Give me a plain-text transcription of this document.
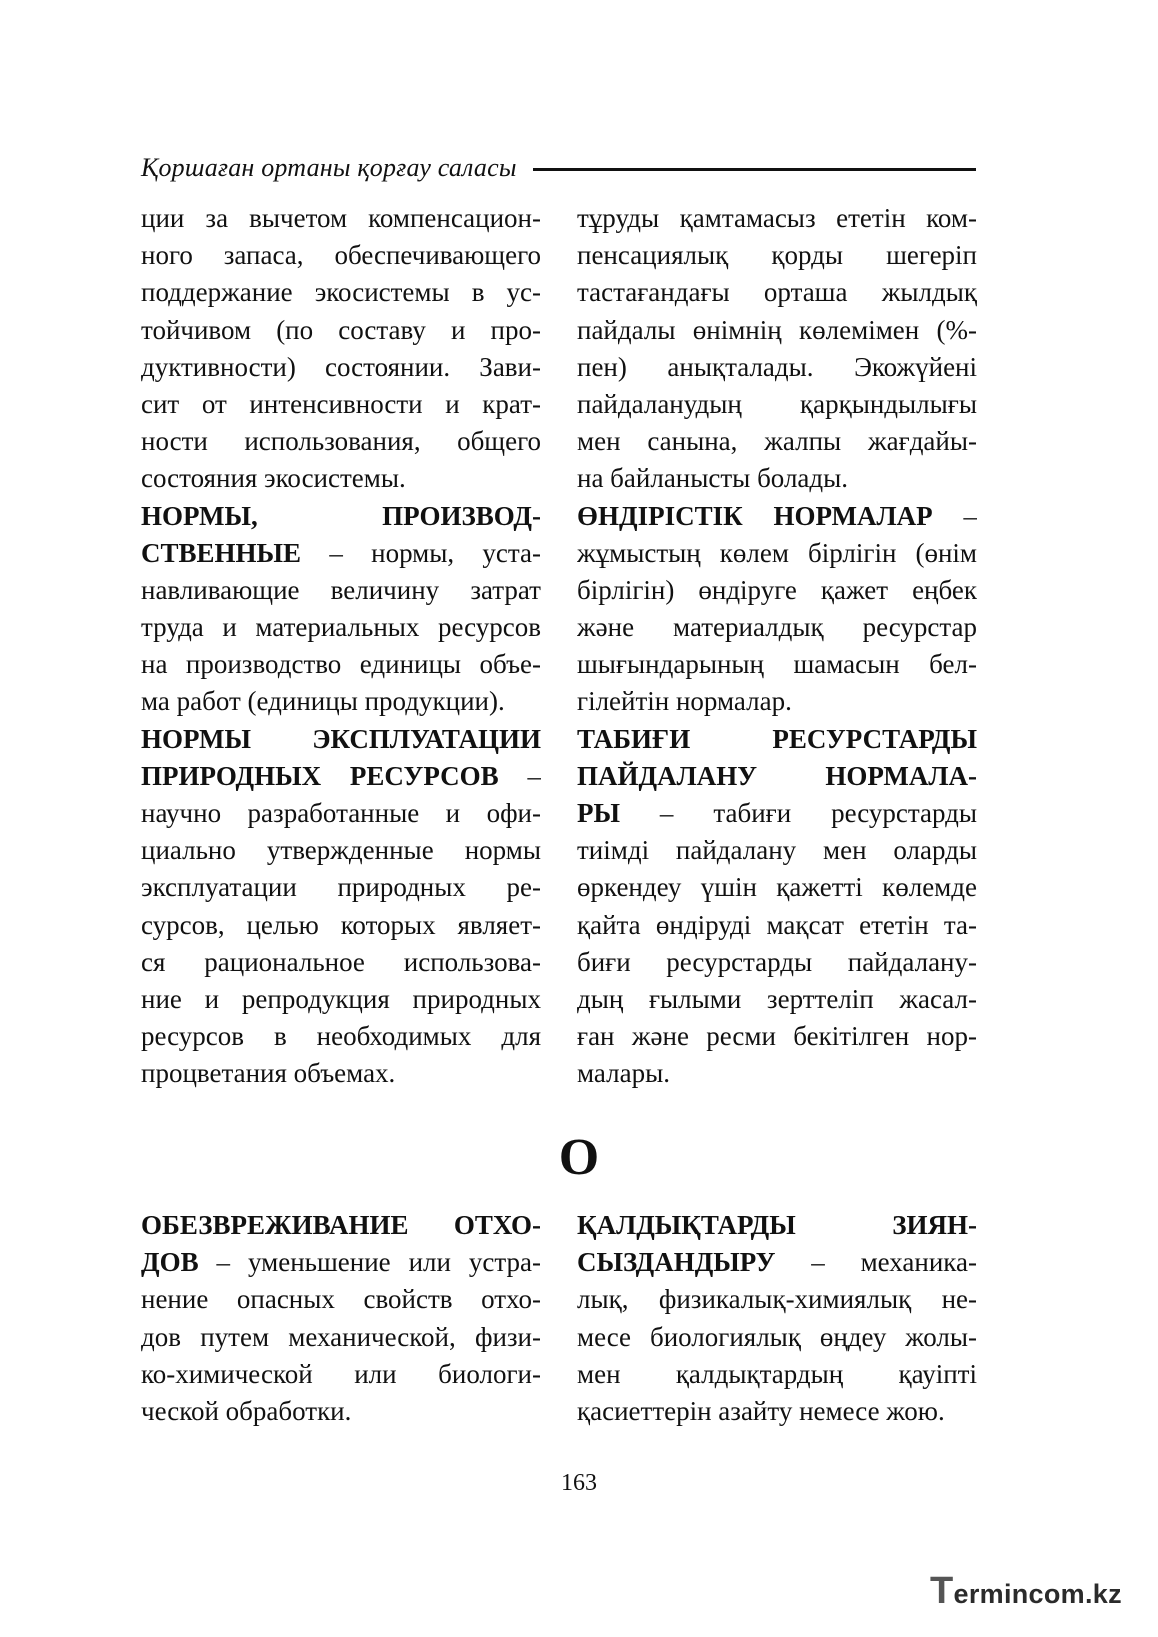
Қоршаған ортаны қорғау саласы
ции за вычетом компенсацион-
ного запаса, обеспечивающего
поддержание экосистемы в ус-
тойчивом (по составу и про-
дуктивности) состоянии. Зави-
сит от интенсивности и крат-
ности использования, общего
состояния экосистемы.
НОРМЫ, ПРОИЗВОД-
СТВЕННЫЕ – нормы, уста-
навливающие величину затрат
труда и материальных ресурсов
на производство единицы объе-
ма работ (единицы продукции).
НОРМЫ ЭКСПЛУАТАЦИИ
ПРИРОДНЫХ РЕСУРСОВ –
научно разработанные и офи-
циально утвержденные нормы
эксплуатации природных ре-
сурсов, целью которых являет-
ся рациональное использова-
ние и репродукция природных
ресурсов в необходимых для
процветания объемах.
тұруды қамтамасыз ететін ком-
пенсациялық қорды шегеріп
тастағандағы орташа жылдық
пайдалы өнімнің көлемімен (%-
пен) анықталады. Экожүйені
пайдаланудың қарқындылығы
мен санына, жалпы жағдайы-
на байланысты болады.
ӨНДІРІСТІК НОРМАЛАР –
жұмыстың көлем бірлігін (өнім
бірлігін) өндіруге қажет еңбек
және материалдық ресурстар
шығындарының шамасын бел-
гілейтін нормалар.
ТАБИҒИ РЕСУРСТАРДЫ
ПАЙДАЛАНУ НОРМАЛА-
РЫ – табиғи ресурстарды
тиімді пайдалану мен оларды
өркендеу үшін қажетті көлемде
қайта өндіруді мақсат ететін та-
биғи ресурстарды пайдалану-
дың ғылыми зерттеліп жасал-
ған және ресми бекітілген нор-
малары.
О
ОБЕЗВРЕЖИВАНИЕ ОТХО-
ДОВ – уменьшение или устра-
нение опасных свойств отхо-
дов путем механической, физи-
ко-химической или биологи-
ческой обработки.
ҚАЛДЫҚТАРДЫ ЗИЯН-
СЫЗДАНДЫРУ – механика-
лық, физикалық-химиялық не-
месе биологиялық өңдеу жолы-
мен қалдықтардың қауіпті
қасиеттерін азайту немесе жою.
163
Termincom.kz
